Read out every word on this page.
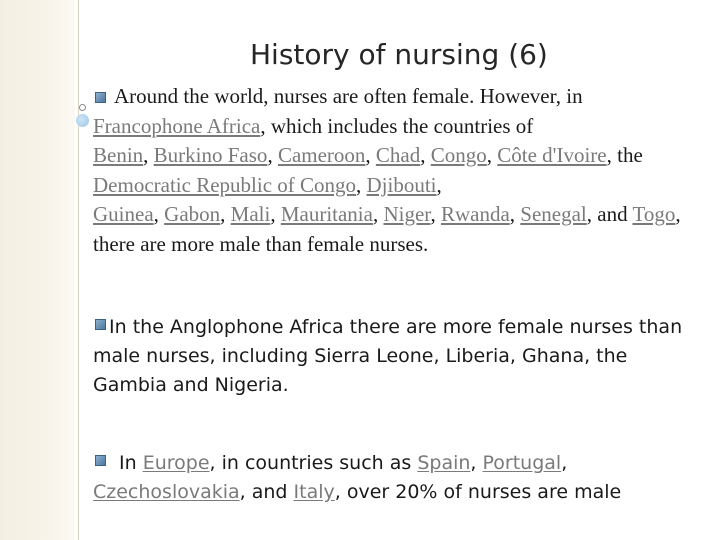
History of nursing (6)
Around the world, nurses are often female. However, in
Francophone Africa, which includes the countries of
Benin, Burkino Faso, Cameroon, Chad, Congo, Côte d'Ivoire, the Democratic Republic of Congo, Djibouti,
Guinea, Gabon, Mali, Mauritania, Niger, Rwanda, Senegal, and Togo, there are more male than female nurses.
In the Anglophone Africa there are more female nurses than male nurses, including Sierra Leone, Liberia, Ghana, the Gambia and Nigeria.
In Europe, in countries such as Spain, Portugal,
Czechoslovakia, and Italy, over 20% of nurses are male
